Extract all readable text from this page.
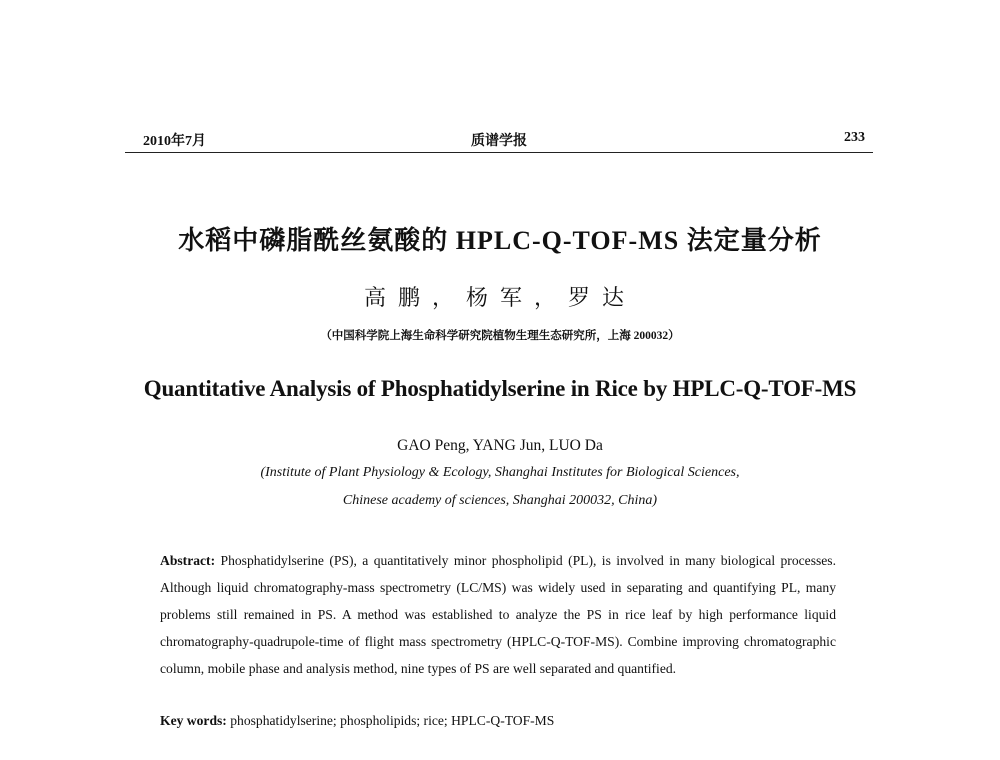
2010年7月	质谱学报	233
水稻中磷脂酰丝氨酸的 HPLC-Q-TOF-MS 法定量分析
高鹏，杨军，罗达
（中国科学院上海生命科学研究院植物生理生态研究所，上海 200032）
Quantitative Analysis of Phosphatidylserine in Rice by HPLC-Q-TOF-MS
GAO Peng, YANG Jun, LUO Da
(Institute of Plant Physiology & Ecology, Shanghai Institutes for Biological Sciences,
Chinese academy of sciences, Shanghai 200032, China)
Abstract: Phosphatidylserine (PS), a quantitatively minor phospholipid (PL), is involved in many biological processes. Although liquid chromatography-mass spectrometry (LC/MS) was widely used in separating and quantifying PL, many problems still remained in PS. A method was established to analyze the PS in rice leaf by high performance liquid chromatography-quadrupole-time of flight mass spectrometry (HPLC-Q-TOF-MS). Combine improving chromatographic column, mobile phase and analysis method, nine types of PS are well separated and quantified.
Key words: phosphatidylserine; phospholipids; rice; HPLC-Q-TOF-MS
